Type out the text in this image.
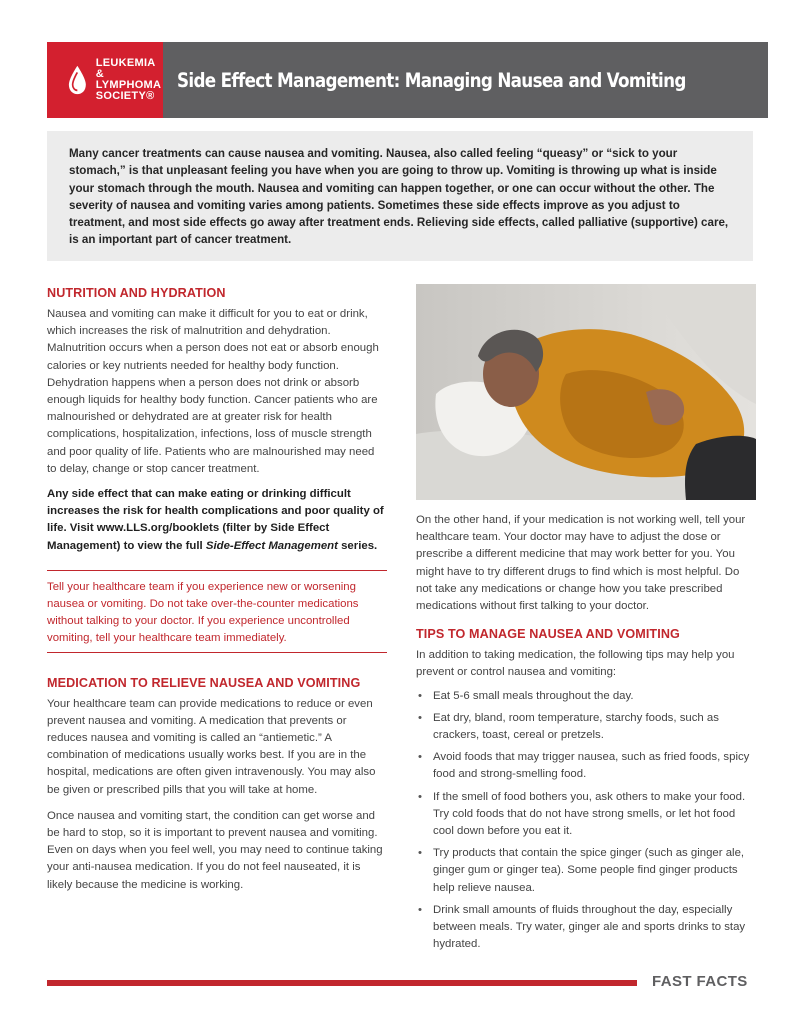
LEUKEMIA &
LYMPHOMA
SOCIETY®
Side Effect Management: Managing Nausea and Vomiting

Many cancer treatments can cause nausea and vomiting. Nausea, also called feeling “queasy” or “sick to your stomach,” is that unpleasant feeling you have when you are going to throw up. Vomiting is throwing up what is inside your stomach through the mouth. Nausea and vomiting can happen together, or one can occur without the other. The severity of nausea and vomiting varies among patients. Sometimes these side effects improve as you adjust to treatment, and most side effects go away after treatment ends. Relieving side effects, called palliative (supportive) care, is an important part of cancer treatment.

NUTRITION AND HYDRATION

Nausea and vomiting can make it difficult for you to eat or drink, which increases the risk of malnutrition and dehydration. Malnutrition occurs when a person does not eat or absorb enough calories or key nutrients needed for healthy body function. Dehydration happens when a person does not drink or absorb enough liquids for healthy body function. Cancer patients who are malnourished or dehydrated are at greater risk for health complications, hospitalization, infections, loss of muscle strength and poor quality of life. Patients who are malnourished may need to delay, change or stop cancer treatment.

Any side effect that can make eating or drinking difficult increases the risk for health complications and poor quality of life. Visit www.LLS.org/booklets (filter by Side Effect Management) to view the full Side-Effect Management series.

Tell your healthcare team if you experience new or worsening nausea or vomiting. Do not take over-the-counter medications without talking to your doctor. If you experience uncontrolled vomiting, tell your healthcare team immediately.
MEDICATION TO RELIEVE NAUSEA AND VOMITING

Your healthcare team can provide medications to reduce or even prevent nausea and vomiting. A medication that prevents or reduces nausea and vomiting is called an “antiemetic.” A combination of medications usually works best. If you are in the hospital, medications are often given intravenously. You may also be given or prescribed pills that you will take at home.

Once nausea and vomiting start, the condition can get worse and be hard to stop, so it is important to prevent nausea and vomiting. Even on days when you feel well, you may need to continue taking your anti-nausea medication. If you do not feel nauseated, it is likely because the medicine is working.

On the other hand, if your medication is not working well, tell your healthcare team. Your doctor may have to adjust the dose or prescribe a different medicine that may work better for you. You might have to try different drugs to find which is most helpful. Do not take any medications or change how you take prescribed medications without first talking to your doctor.

TIPS TO MANAGE NAUSEA AND VOMITING

In addition to taking medication, the following tips may help you prevent or control nausea and vomiting:

• Eat 5-6 small meals throughout the day.
• Eat dry, bland, room temperature, starchy foods, such as crackers, toast, cereal or pretzels.
• Avoid foods that may trigger nausea, such as fried foods, spicy food and strong-smelling food.
• If the smell of food bothers you, ask others to make your food. Try cold foods that do not have strong smells, or let hot food cool down before you eat it.
• Try products that contain the spice ginger (such as ginger ale, ginger gum or ginger tea). Some people find ginger products help relieve nausea.
• Drink small amounts of fluids throughout the day, especially between meals. Try water, ginger ale and sports drinks to stay hydrated.
FAST FACTS
